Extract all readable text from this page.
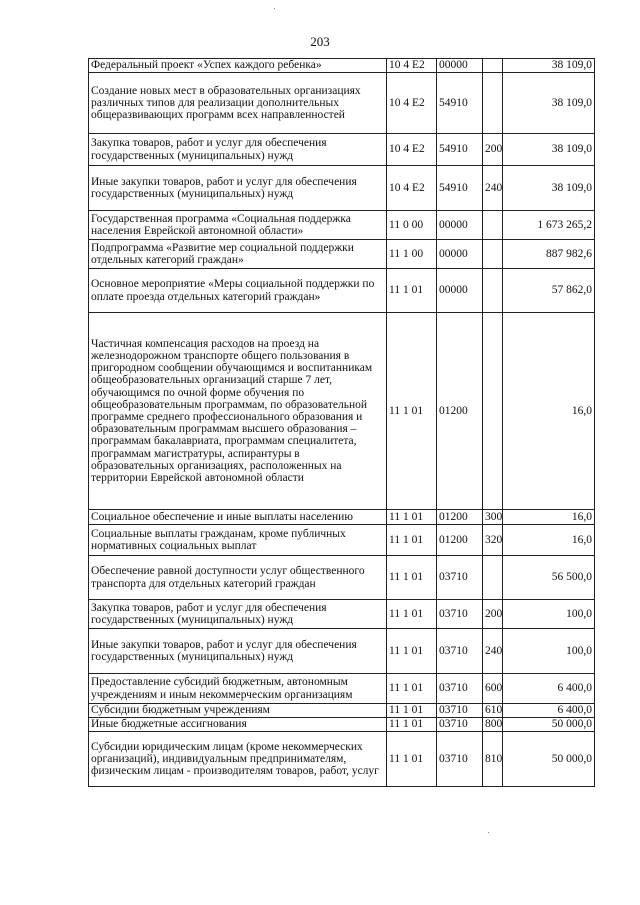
203
Федеральный проект «Успех каждого ребенка»	10 4 E2	00000		38 109,0
Создание новых мест в образовательных организациях различных типов для реализации дополнительных общеразвивающих программ всех направленностей	10 4 E2	54910		38 109,0
Закупка товаров, работ и услуг для обеспечения государственных (муниципальных) нужд	10 4 E2	54910	200	38 109,0
Иные закупки товаров, работ и услуг для обеспечения государственных (муниципальных) нужд	10 4 E2	54910	240	38 109,0
Государственная программа «Социальная поддержка населения Еврейской автономной области»	11 0 00	00000		1 673 265,2
Подпрограмма «Развитие мер социальной поддержки отдельных категорий граждан»	11 1 00	00000		887 982,6
Основное мероприятие «Меры социальной поддержки по оплате проезда отдельных категорий граждан»	11 1 01	00000		57 862,0
Частичная компенсация расходов на проезд на железнодорожном транспорте общего пользования в пригородном сообщении обучающимся и воспитанникам общеобразовательных организаций старше 7 лет, обучающимся по очной форме обучения по общеобразовательным программам, по образовательной программе среднего профессионального образования и образовательным программам высшего образования – программам бакалавриата, программам специалитета, программам магистратуры, аспирантуры в образовательных организациях, расположенных на территории Еврейской автономной области	11 1 01	01200		16,0
Социальное обеспечение и иные выплаты населению	11 1 01	01200	300	16,0
Социальные выплаты гражданам, кроме публичных нормативных социальных выплат	11 1 01	01200	320	16,0
Обеспечение равной доступности услуг общественного транспорта для отдельных категорий граждан	11 1 01	03710		56 500,0
Закупка товаров, работ и услуг для обеспечения государственных (муниципальных) нужд	11 1 01	03710	200	100,0
Иные закупки товаров, работ и услуг для обеспечения государственных (муниципальных) нужд	11 1 01	03710	240	100,0
Предоставление субсидий бюджетным, автономным учреждениям и иным некоммерческим организациям	11 1 01	03710	600	6 400,0
Субсидии бюджетным учреждениям	11 1 01	03710	610	6 400,0
Иные бюджетные ассигнования	11 1 01	03710	800	50 000,0
Субсидии юридическим лицам (кроме некоммерческих организаций), индивидуальным предпринимателям, физическим лицам - производителям товаров, работ, услуг	11 1 01	03710	810	50 000,0
